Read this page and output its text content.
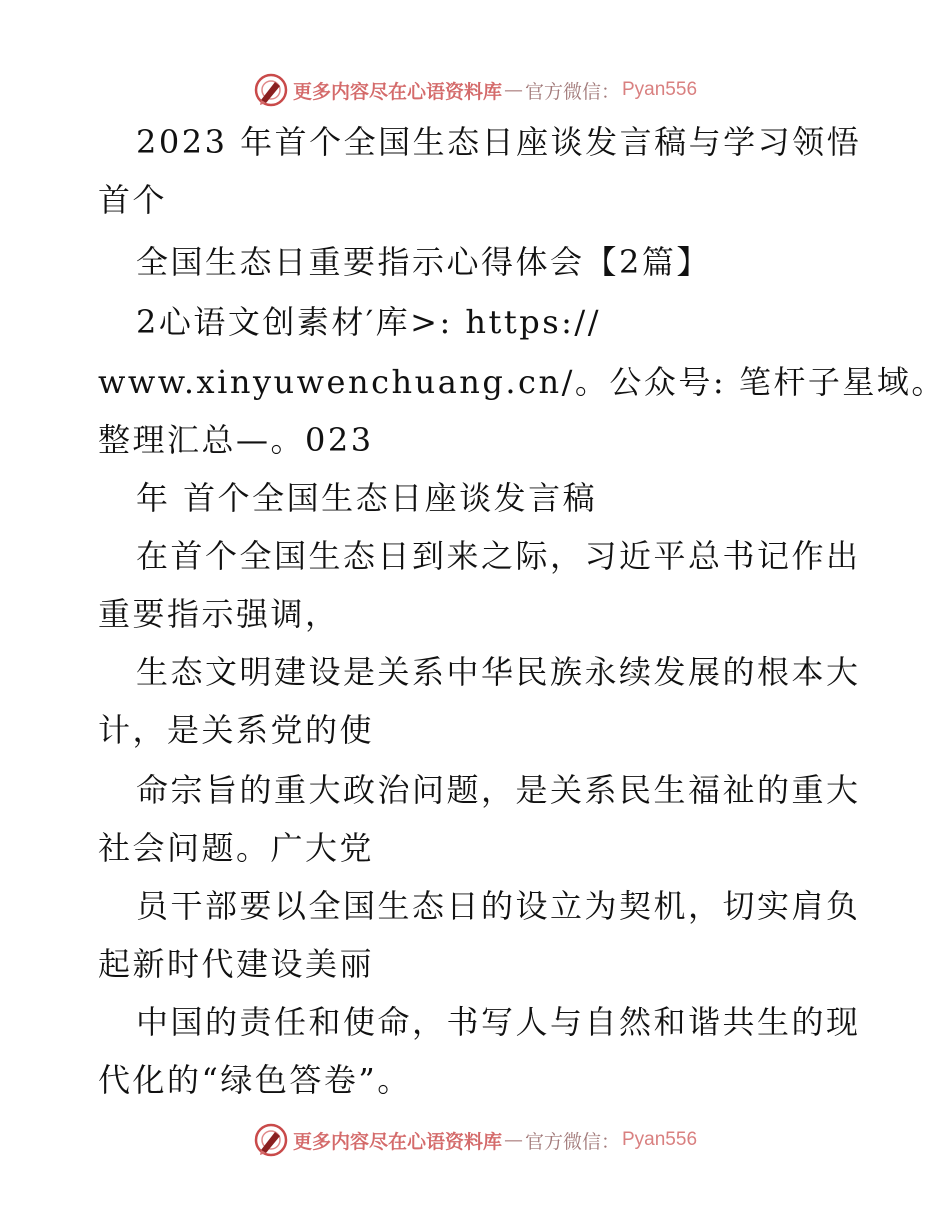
更多内容尽在心语资料库 — 官方微信： Pyan556
2023 年首个全国生态日座谈发言稿与学习领悟
首个
全国生态日重要指示心得体会【2篇】
2心语文创素材′库>: https://
www.xinyuwenchuang.cn/。公众号: 笔杆子星域。
整理汇总—。023
年 首个全国生态日座谈发言稿
在首个全国生态日到来之际，习近平总书记作出
重要指示强调，
生态文明建设是关系中华民族永续发展的根本大
计，是关系党的使
命宗旨的重大政治问题，是关系民生福祉的重大
社会问题。广大党
员干部要以全国生态日的设立为契机，切实肩负
起新时代建设美丽
中国的责任和使命，书写人与自然和谐共生的现
代化的“绿色答卷”。
更多内容尽在心语资料库 — 官方微信： Pyan556
